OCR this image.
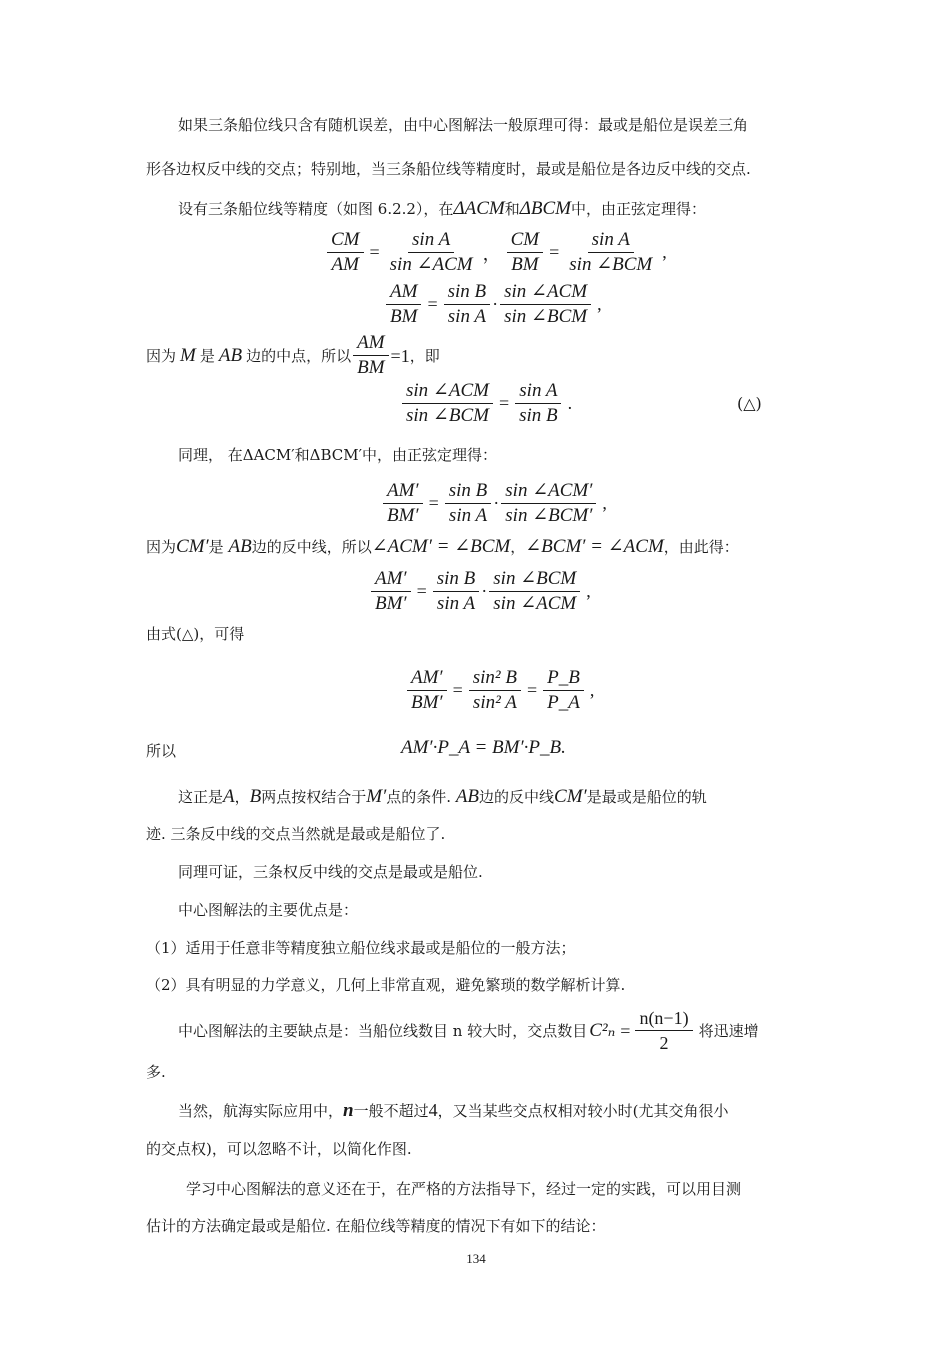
如果三条船位线只含有随机误差，由中心图解法一般原理可得：最或是船位是误差三角
形各边权反中线的交点；特别地，当三条船位线等精度时，最或是船位是各边反中线的交点.
设有三条船位线等精度（如图 6.2.2），在ΔACM和ΔBCM中，由正弦定理得：
$\frac{CM}{AM} = \frac{\text{sin A}}{\text{sin ∠ACM}}$ ， $\frac{CM}{BM} = \frac{\text{sin A}}{\text{sin ∠BCM}}$ ,
$\frac{AM}{BM} = \frac{\text{sin B}}{\text{sin A}} \cdot \frac{\text{sin ∠ACM}}{\text{sin ∠BCM}}$ ,
因为 M 是 AB 边的中点，所以 $\frac{AM}{BM} = 1$ ，即
$\frac{\text{sin ∠ACM}}{\text{sin ∠BCM}} = \frac{\text{sin A}}{\text{sin B}}$ .	(△)
同理， 在ΔACM′和ΔBCM′中，由正弦定理得：
$\frac{AM'}{BM'} = \frac{\text{sin B}}{\text{sin A}} \cdot \frac{\text{sin ∠ACM′}}{\text{sin ∠BCM′}}$ ,
因为CM′是 AB边的反中线，所以∠ACM′ = ∠BCM，∠BCM′ = ∠ACM，由此得：
$\frac{AM'}{BM'} = \frac{\text{sin B}}{\text{sin A}} \cdot \frac{\text{sin ∠BCM}}{\text{sin ∠ACM}}$ ,
由式(△)，可得
$\frac{AM'}{BM'} = \frac{\text{sin² B}}{\text{sin² A}} = \frac{P\_B}{P\_A}$ ,
所以	AM′·P_A = BM′·P_B.
这正是A，B两点按权结合于M′点的条件. AB边的反中线CM′是最或是船位的轨
迹. 三条反中线的交点当然就是最或是船位了.
同理可证，三条权反中线的交点是最或是船位.
中心图解法的主要优点是：
（1）适用于任意非等精度独立船位线求最或是船位的一般方法；
（2）具有明显的力学意义，几何上非常直观，避免繁琐的数学解析计算.
中心图解法的主要缺点是：当船位线数目 n 较大时，交点数目 $C^2_n = \frac{n(n-1)}{2}$ 将迅速增
多.
当然，航海实际应用中，n一般不超过4，又当某些交点权相对较小时(尤其交角很小
的交点权)，可以忽略不计，以简化作图.
学习中心图解法的意义还在于，在严格的方法指导下，经过一定的实践，可以用目测
估计的方法确定最或是船位. 在船位线等精度的情况下有如下的结论：
134
